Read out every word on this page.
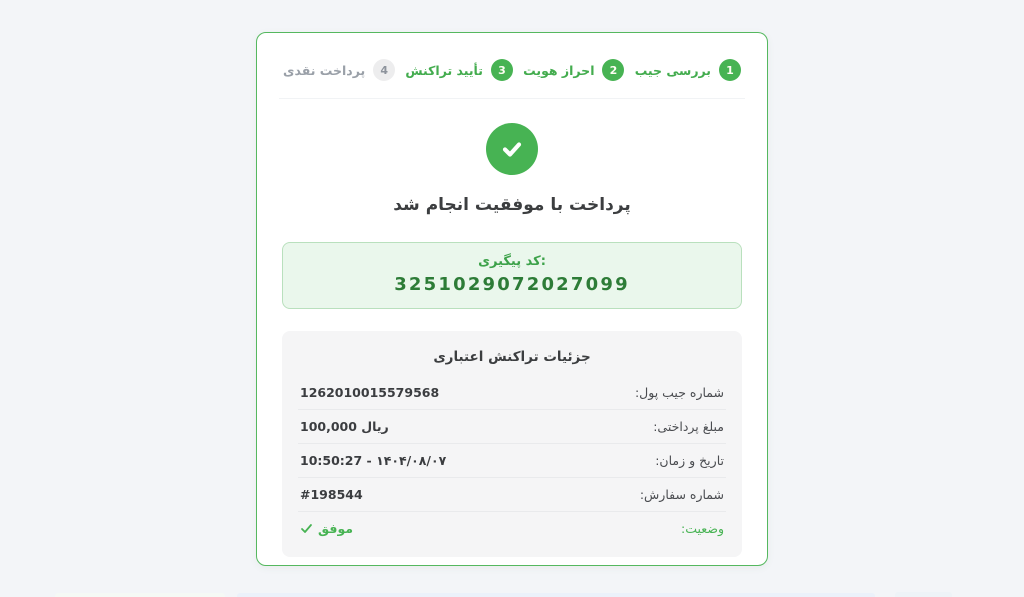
1
بررسی جیب
2
احراز هویت
3
تأیید تراکنش
4
پرداخت نقدی
پرداخت با موفقیت انجام شد
کد پیگیری:
3251029072027099
جزئیات تراکنش اعتباری
شماره جیب پول:
1262010015579568
مبلغ پرداختی:
100,000 ریال
تاریخ و زمان:
10:50:27 - ۱۴۰۴/۰۸/۰۷
شماره سفارش:
#198544
وضعیت:
موفق
